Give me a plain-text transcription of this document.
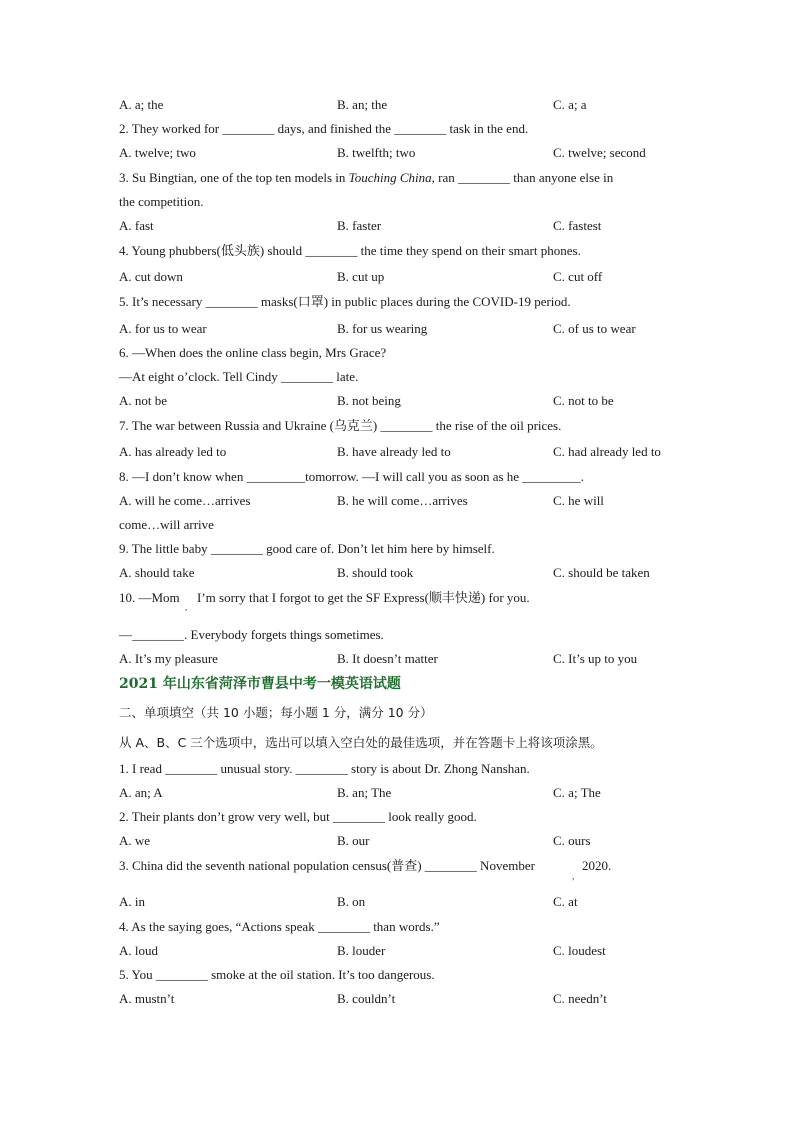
A. a; the	B. an; the	C. a; a
2. They worked for ________ days, and finished the ________ task in the end.
A. twelve; two	B. twelfth; two	C. twelve; second
3. Su Bingtian, one of the top ten models in Touching China, ran ________ than anyone else in
the competition.
A. fast	B. faster	C. fastest
4. Young phubbers(低头族) should ________ the time they spend on their smart phones.
A. cut down	B. cut up	C. cut off
5. It’s necessary ________ masks(口罩) in public places during the COVID-19 period.
A. for us to wear	B. for us wearing	C. of us to wear
6. —When does the online class begin, Mrs Grace?
—At eight o’clock. Tell Cindy ________ late.
A. not be	B. not being	C. not to be
7. The war between Russia and Ukraine (乌克兰) ________ the rise of the oil prices.
A. has already led to	B. have already led to	C. had already led to
8. —I don’t know when _________tomorrow. —I will call you as soon as he _________.
A. will he come…arrives	B. he will come…arrives	C. he will
come…will arrive
9. The little baby ________ good care of. Don’t let him here by himself.
A. should take	B. should took	C. should be taken
10. —Mom
,
I’m sorry that I forgot to get the SF Express(顺丰快递) for you.
—________. Everybody forgets things sometimes.
A. It’s my pleasure	B. It doesn’t matter	C. It’s up to you
2021 年山东省菏泽市曹县中考一模英语试题
二、单项填空（共 10 小题；每小题 1 分，满分 10 分）
从 A、B、C 三个选项中，选出可以填入空白处的最佳选项，并在答题卡上将该项涂黑。
1. I read ________ unusual story. ________ story is about Dr. Zhong Nanshan.
A. an; A	B. an; The	C. a; The
2. Their plants don’t grow very well, but ________ look really good.
A. we	B. our	C. ours
3. China did the seventh national population census(普查) ________ November
,
2020.
A. in	B. on	C. at
4. As the saying goes, “Actions speak ________ than words.”
A. loud	B. louder	C. loudest
5. You ________ smoke at the oil station. It’s too dangerous.
A. mustn’t	B. couldn’t	C. needn’t
